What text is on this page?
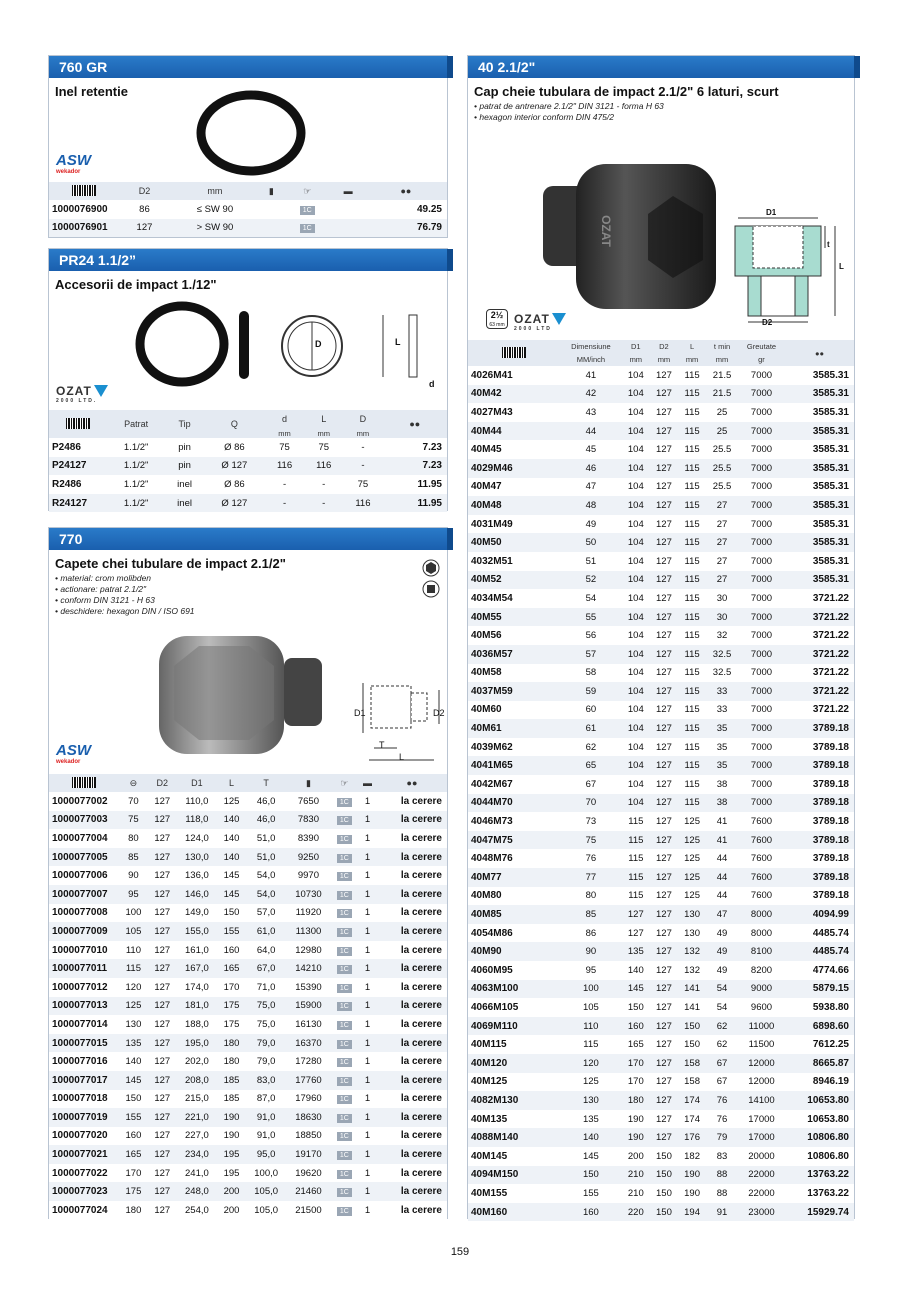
760 GR
Inel retentie
ASW
wekador
	D2	mm	▮	☞	▬	●●
1000076900	86	≤ SW 90		1C		49.25
1000076901	127	> SW 90		1C		76.79
PR24 1.1/2”
Accesorii de impact 1./12"
D	L
d
OZAT
2000 LTD.
	Patrat	Tip	Q	d	L	D	●●
				mm	mm	mm	
P2486	1.1/2"	pin	Ø 86	75	75	-	7.23
P24127	1.1/2"	pin	Ø 127	116	116	-	7.23
R2486	1.1/2"	inel	Ø 86	-	-	75	11.95
R24127	1.1/2"	inel	Ø 127	-	-	116	11.95
770
Capete chei tubulare de impact 2.1/2"
• material: crom molibden
• actionare: patrat 2.1/2"
• conform DIN 3121 - H 63
• deschidere: hexagon DIN / ISO 691
D1	D2
T
L
ASW
wekador
	⊖	D2	D1	L	T	▮	☞	▬	●●
1000077002	70	127	110,0	125	46,0	7650	1C	1	la cerere
1000077003	75	127	118,0	140	46,0	7830	1C	1	la cerere
1000077004	80	127	124,0	140	51,0	8390	1C	1	la cerere
1000077005	85	127	130,0	140	51,0	9250	1C	1	la cerere
1000077006	90	127	136,0	145	54,0	9970	1C	1	la cerere
1000077007	95	127	146,0	145	54,0	10730	1C	1	la cerere
1000077008	100	127	149,0	150	57,0	11920	1C	1	la cerere
1000077009	105	127	155,0	155	61,0	11300	1C	1	la cerere
1000077010	110	127	161,0	160	64,0	12980	1C	1	la cerere
1000077011	115	127	167,0	165	67,0	14210	1C	1	la cerere
1000077012	120	127	174,0	170	71,0	15390	1C	1	la cerere
1000077013	125	127	181,0	175	75,0	15900	1C	1	la cerere
1000077014	130	127	188,0	175	75,0	16130	1C	1	la cerere
1000077015	135	127	195,0	180	79,0	16370	1C	1	la cerere
1000077016	140	127	202,0	180	79,0	17280	1C	1	la cerere
1000077017	145	127	208,0	185	83,0	17760	1C	1	la cerere
1000077018	150	127	215,0	185	87,0	17960	1C	1	la cerere
1000077019	155	127	221,0	190	91,0	18630	1C	1	la cerere
1000077020	160	127	227,0	190	91,0	18850	1C	1	la cerere
1000077021	165	127	234,0	195	95,0	19170	1C	1	la cerere
1000077022	170	127	241,0	195	100,0	19620	1C	1	la cerere
1000077023	175	127	248,0	200	105,0	21460	1C	1	la cerere
1000077024	180	127	254,0	200	105,0	21500	1C	1	la cerere
40 2.1/2"
Cap cheie tubulara de impact 2.1/2" 6 laturi, scurt
• patrat de antrenare 2.1/2" DIN 3121 - forma H 63
• hexagon interior conform DIN 475/2
OZAT
D1
t
L
D2
2½
63 mm OZAT
2000 LTD
	Dimensiune	D1	D2	L	t min	Greutate	●●
	MM/inch	mm	mm	mm	mm	gr	
4026M41	41	104	127	115	21.5	7000	3585.31
40M42	42	104	127	115	21.5	7000	3585.31
4027M43	43	104	127	115	25	7000	3585.31
40M44	44	104	127	115	25	7000	3585.31
40M45	45	104	127	115	25.5	7000	3585.31
4029M46	46	104	127	115	25.5	7000	3585.31
40M47	47	104	127	115	25.5	7000	3585.31
40M48	48	104	127	115	27	7000	3585.31
4031M49	49	104	127	115	27	7000	3585.31
40M50	50	104	127	115	27	7000	3585.31
4032M51	51	104	127	115	27	7000	3585.31
40M52	52	104	127	115	27	7000	3585.31
4034M54	54	104	127	115	30	7000	3721.22
40M55	55	104	127	115	30	7000	3721.22
40M56	56	104	127	115	32	7000	3721.22
4036M57	57	104	127	115	32.5	7000	3721.22
40M58	58	104	127	115	32.5	7000	3721.22
4037M59	59	104	127	115	33	7000	3721.22
40M60	60	104	127	115	33	7000	3721.22
40M61	61	104	127	115	35	7000	3789.18
4039M62	62	104	127	115	35	7000	3789.18
4041M65	65	104	127	115	35	7000	3789.18
4042M67	67	104	127	115	38	7000	3789.18
4044M70	70	104	127	115	38	7000	3789.18
4046M73	73	115	127	125	41	7600	3789.18
4047M75	75	115	127	125	41	7600	3789.18
4048M76	76	115	127	125	44	7600	3789.18
40M77	77	115	127	125	44	7600	3789.18
40M80	80	115	127	125	44	7600	3789.18
40M85	85	127	127	130	47	8000	4094.99
4054M86	86	127	127	130	49	8000	4485.74
40M90	90	135	127	132	49	8100	4485.74
4060M95	95	140	127	132	49	8200	4774.66
4063M100	100	145	127	141	54	9000	5879.15
4066M105	105	150	127	141	54	9600	5938.80
4069M110	110	160	127	150	62	11000	6898.60
40M115	115	165	127	150	62	11500	7612.25
40M120	120	170	127	158	67	12000	8665.87
40M125	125	170	127	158	67	12000	8946.19
4082M130	130	180	127	174	76	14100	10653.80
40M135	135	190	127	174	76	17000	10653.80
4088M140	140	190	127	176	79	17000	10806.80
40M145	145	200	150	182	83	20000	10806.80
4094M150	150	210	150	190	88	22000	13763.22
40M155	155	210	150	190	88	22000	13763.22
40M160	160	220	150	194	91	23000	15929.74
159
